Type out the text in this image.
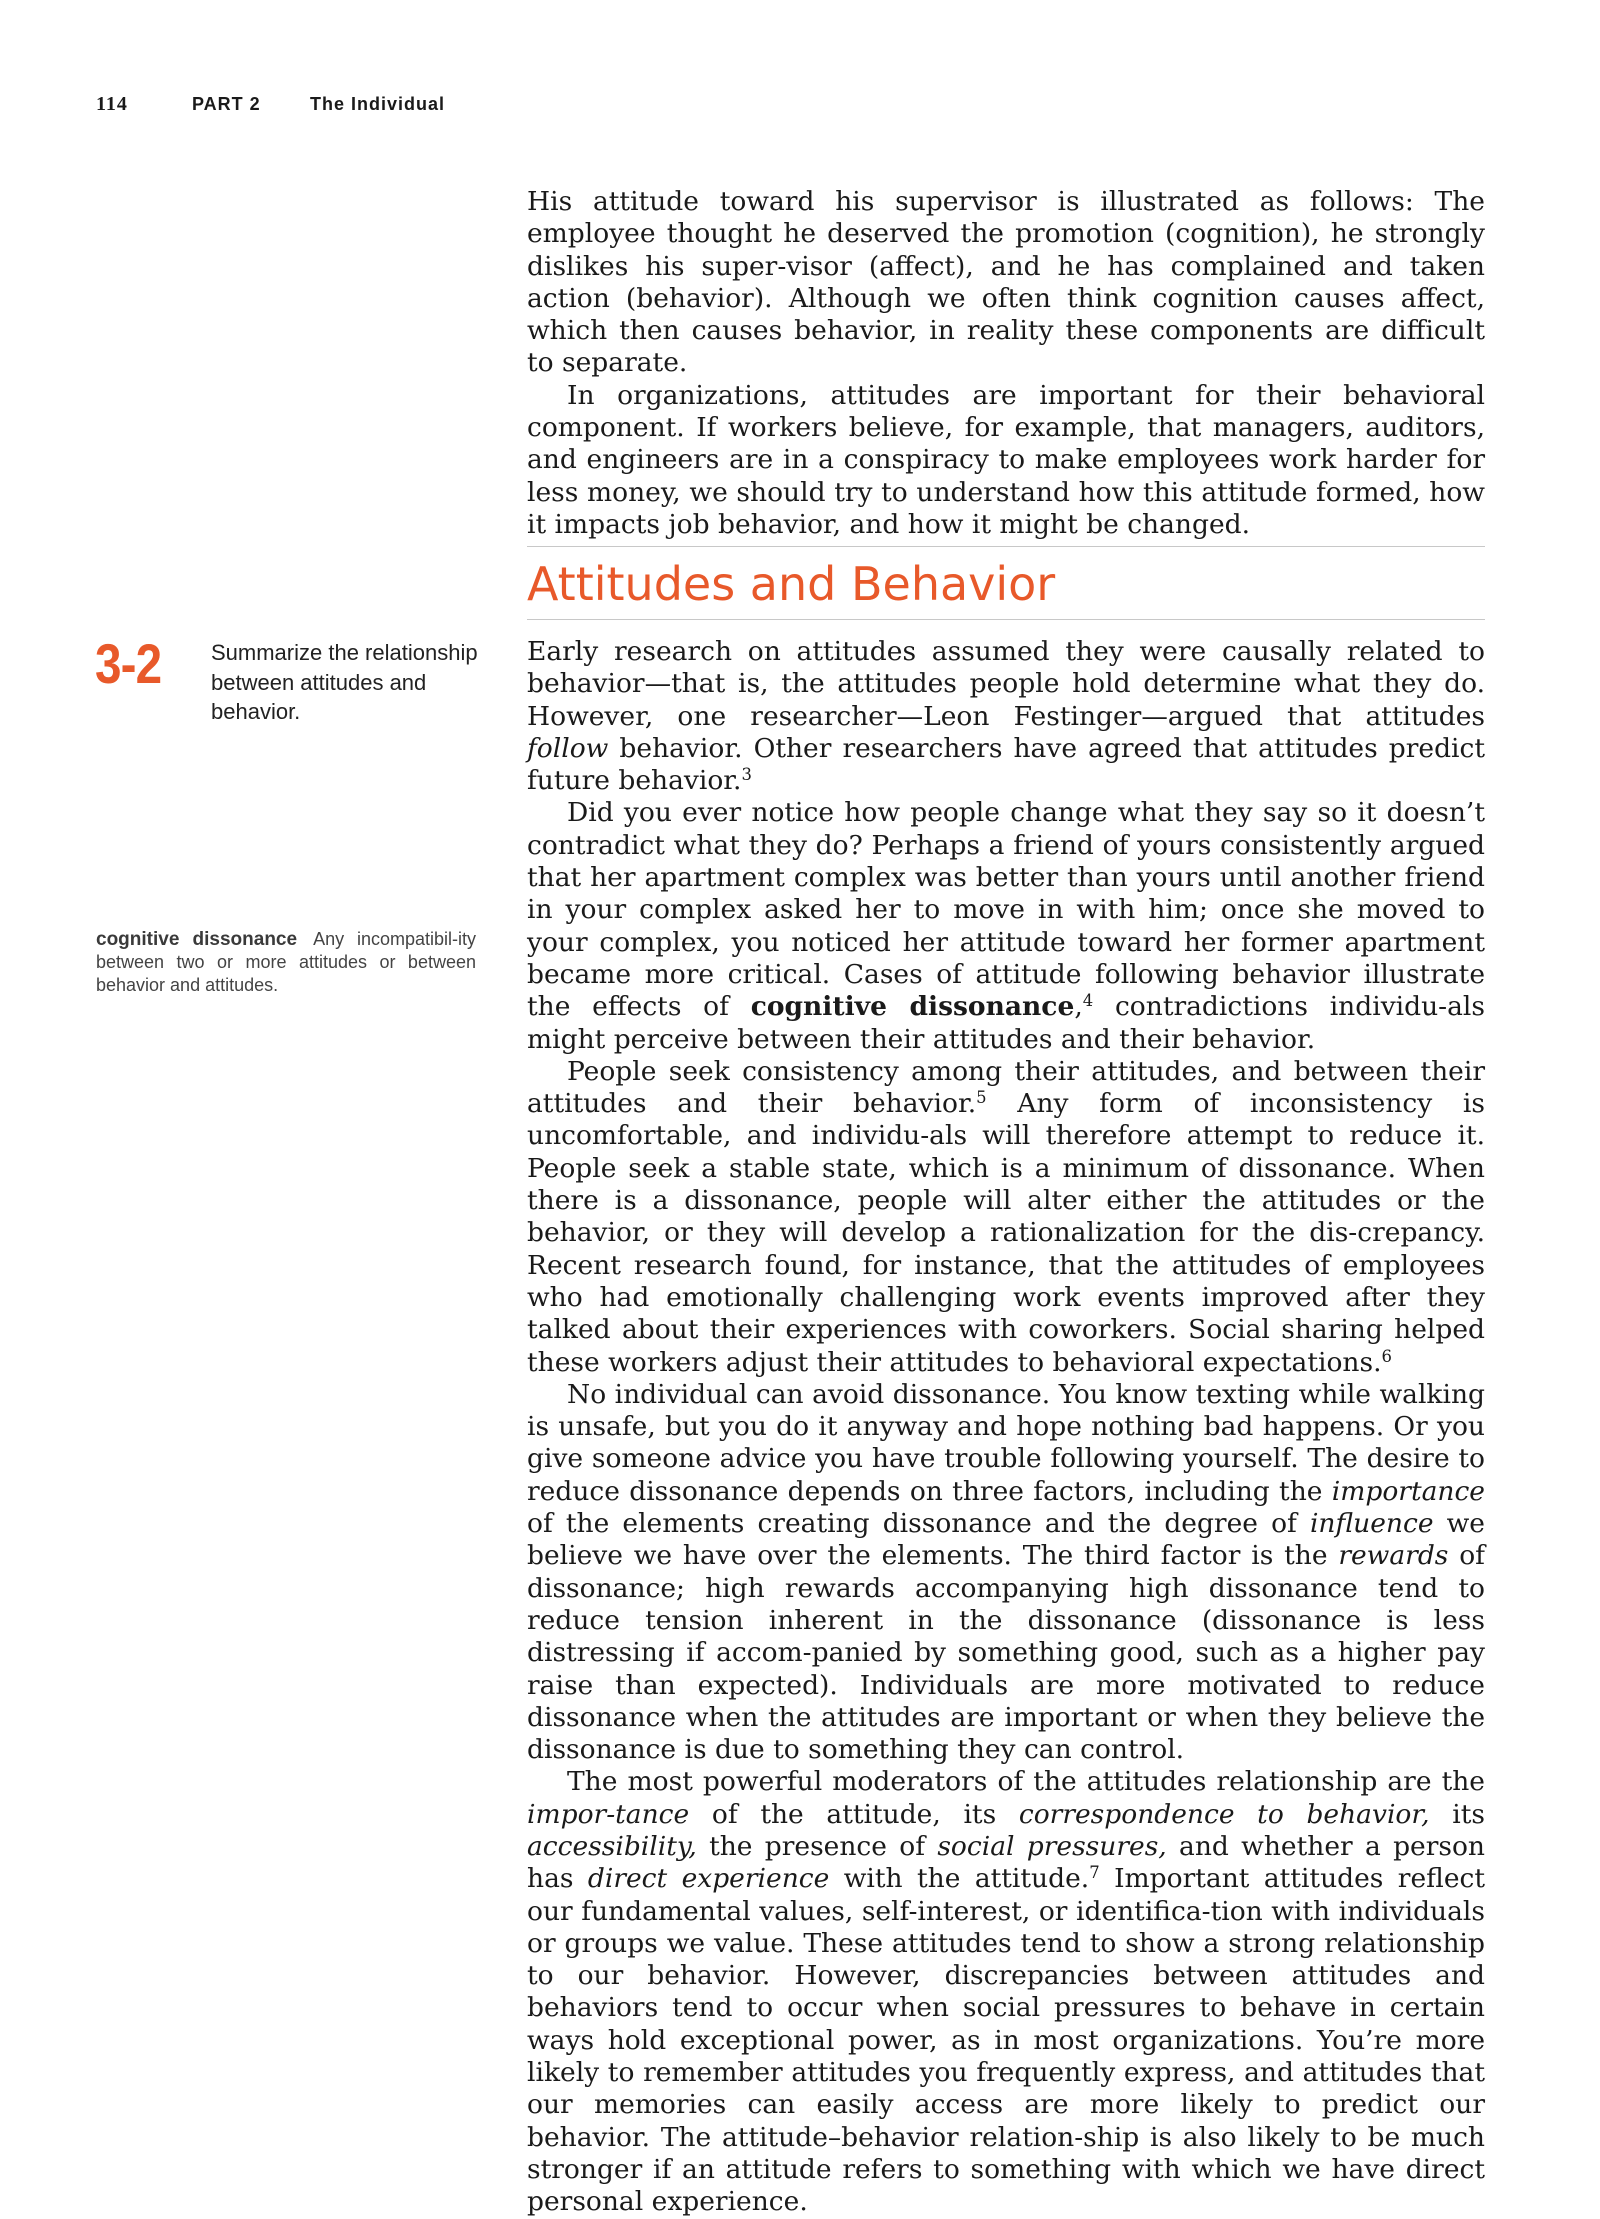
114	PART 2	The Individual

His attitude toward his supervisor is illustrated as follows: The employee thought he deserved the promotion (cognition), he strongly dislikes his super-visor (affect), and he has complained and taken action (behavior). Although we often think cognition causes affect, which then causes behavior, in reality these components are difficult to separate.

In organizations, attitudes are important for their behavioral component. If workers believe, for example, that managers, auditors, and engineers are in a conspiracy to make employees work harder for less money, we should try to understand how this attitude formed, how it impacts job behavior, and how it might be changed.

Attitudes and Behavior
3-2 Summarize the relationship between attitudes and behavior.
cognitive dissonance Any incompatibil-ity between two or more attitudes or between behavior and attitudes.

Early research on attitudes assumed they were causally related to behavior—that is, the attitudes people hold determine what they do. However, one researcher—Leon Festinger—argued that attitudes follow behavior. Other researchers have agreed that attitudes predict future behavior.$^3$

Did you ever notice how people change what they say so it doesn’t contradict what they do? Perhaps a friend of yours consistently argued that her apartment complex was better than yours until another friend in your complex asked her to move in with him; once she moved to your complex, you noticed her attitude toward her former apartment became more critical. Cases of attitude following behavior illustrate the effects of cognitive dissonance,$^4$ contradictions individu-als might perceive between their attitudes and their behavior.

People seek consistency among their attitudes, and between their attitudes and their behavior.$^5$ Any form of inconsistency is uncomfortable, and individu-als will therefore attempt to reduce it. People seek a stable state, which is a minimum of dissonance. When there is a dissonance, people will alter either the attitudes or the behavior, or they will develop a rationalization for the dis-crepancy. Recent research found, for instance, that the attitudes of employees who had emotionally challenging work events improved after they talked about their experiences with coworkers. Social sharing helped these workers adjust their attitudes to behavioral expectations.$^6$

No individual can avoid dissonance. You know texting while walking is unsafe, but you do it anyway and hope nothing bad happens. Or you give someone advice you have trouble following yourself. The desire to reduce dissonance depends on three factors, including the importance of the elements creating dissonance and the degree of influence we believe we have over the elements. The third factor is the rewards of dissonance; high rewards accompanying high dissonance tend to reduce tension inherent in the dissonance (dissonance is less distressing if accom-panied by something good, such as a higher pay raise than expected). Individuals are more motivated to reduce dissonance when the attitudes are important or when they believe the dissonance is due to something they can control.

The most powerful moderators of the attitudes relationship are the impor-tance of the attitude, its correspondence to behavior, its accessibility, the presence of social pressures, and whether a person has direct experience with the attitude.$^7$ Important attitudes reflect our fundamental values, self-interest, or identifica-tion with individuals or groups we value. These attitudes tend to show a strong relationship to our behavior. However, discrepancies between attitudes and behaviors tend to occur when social pressures to behave in certain ways hold exceptional power, as in most organizations. You’re more likely to remember attitudes you frequently express, and attitudes that our memories can easily access are more likely to predict our behavior. The attitude–behavior relation-ship is also likely to be much stronger if an attitude refers to something with which we have direct personal experience.
